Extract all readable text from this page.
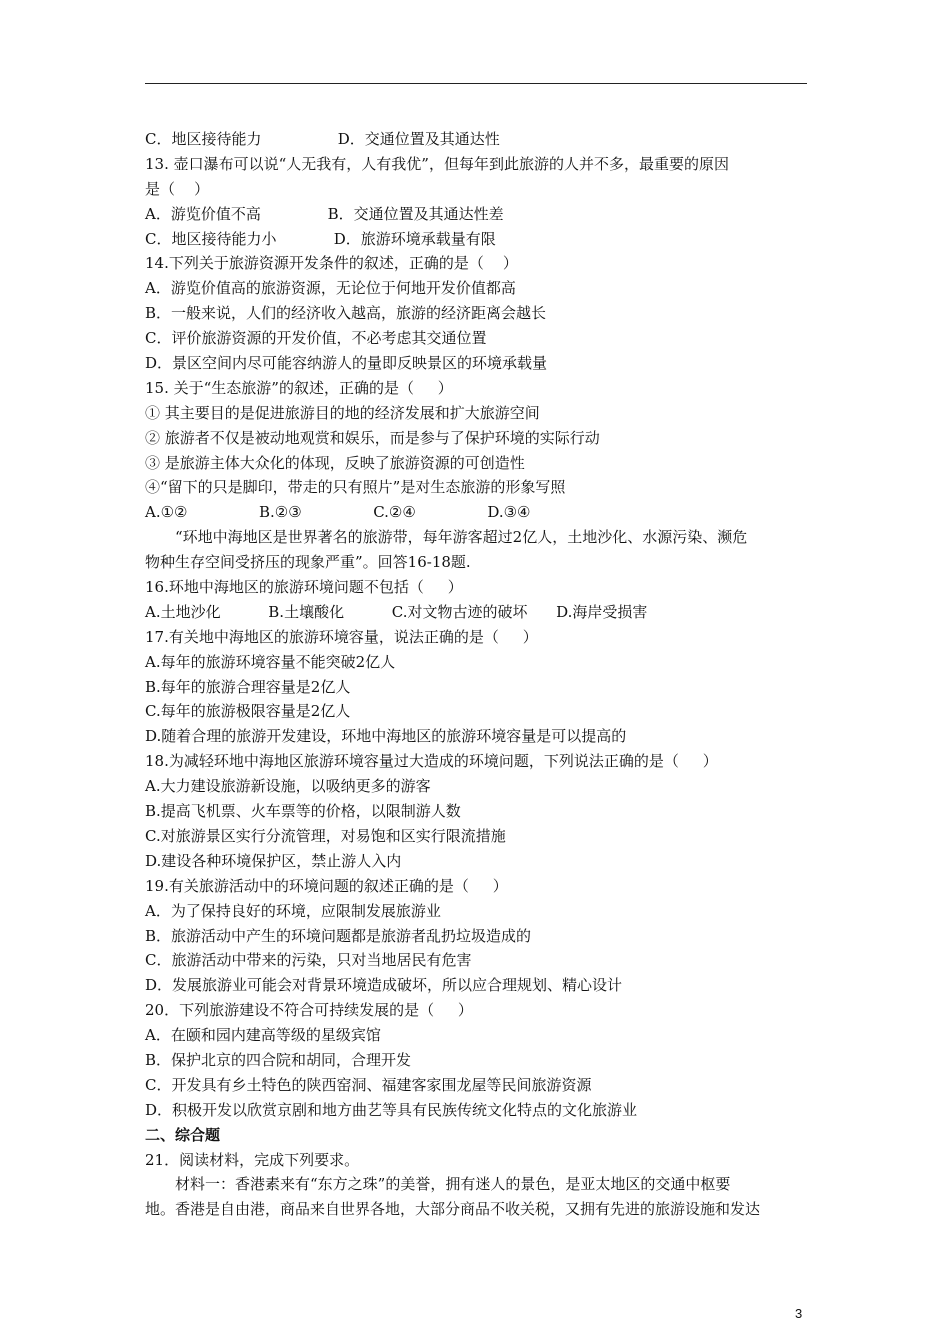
C．地区接待能力                D．交通位置及其通达性
13. 壶口瀑布可以说“人无我有，人有我优”，但每年到此旅游的人并不多，最重要的原因
是（    ）
A．游览价值不高              B．交通位置及其通达性差
C．地区接待能力小            D．旅游环境承载量有限
14.下列关于旅游资源开发条件的叙述，正确的是（    ）
A．游览价值高的旅游资源，无论位于何地开发价值都高
B．一般来说，人们的经济收入越高，旅游的经济距离会越长
C．评价旅游资源的开发价值，不必考虑其交通位置
D．景区空间内尽可能容纳游人的量即反映景区的环境承载量
15. 关于“生态旅游”的叙述，正确的是（     ）
① 其主要目的是促进旅游目的地的经济发展和扩大旅游空间
② 旅游者不仅是被动地观赏和娱乐，而是参与了保护环境的实际行动
③ 是旅游主体大众化的体现，反映了旅游资源的可创造性
④“留下的只是脚印，带走的只有照片”是对生态旅游的形象写照
A.①②               B.②③               C.②④               D.③④
“环地中海地区是世界著名的旅游带，每年游客超过2亿人，土地沙化、水源污染、濒危
物种生存空间受挤压的现象严重”。回答16-18题.
16.环地中海地区的旅游环境问题不包括（     ）
A.土地沙化          B.土壤酸化          C.对文物古迹的破坏      D.海岸受损害
17.有关地中海地区的旅游环境容量，说法正确的是（     ）
A.每年的旅游环境容量不能突破2亿人
B.每年的旅游合理容量是2亿人
C.每年的旅游极限容量是2亿人
D.随着合理的旅游开发建设，环地中海地区的旅游环境容量是可以提高的
18.为减轻环地中海地区旅游环境容量过大造成的环境问题，下列说法正确的是（     ）
A.大力建设旅游新设施，以吸纳更多的游客
B.提高飞机票、火车票等的价格，以限制游人数
C.对旅游景区实行分流管理，对易饱和区实行限流措施
D.建设各种环境保护区，禁止游人入内
19.有关旅游活动中的环境问题的叙述正确的是（     ）
A．为了保持良好的环境，应限制发展旅游业
B．旅游活动中产生的环境问题都是旅游者乱扔垃圾造成的
C．旅游活动中带来的污染，只对当地居民有危害
D．发展旅游业可能会对背景环境造成破坏，所以应合理规划、精心设计
20．下列旅游建设不符合可持续发展的是（     ）
A．在颐和园内建高等级的星级宾馆
B．保护北京的四合院和胡同，合理开发
C．开发具有乡土特色的陕西窑洞、福建客家围龙屋等民间旅游资源
D．积极开发以欣赏京剧和地方曲艺等具有民族传统文化特点的文化旅游业
二、综合题
21．阅读材料，完成下列要求。
材料一：香港素来有“东方之珠”的美誉，拥有迷人的景色，是亚太地区的交通中枢要
地。香港是自由港，商品来自世界各地，大部分商品不收关税，又拥有先进的旅游设施和发达
3
